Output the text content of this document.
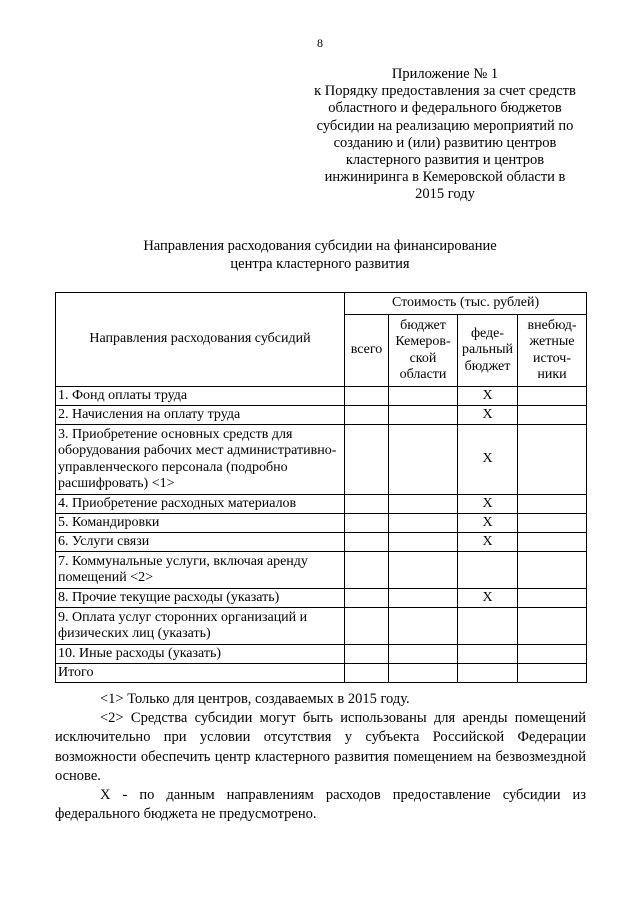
8
Приложение № 1
к Порядку предоставления за счет средств
областного и федерального бюджетов
субсидии на реализацию мероприятий по
созданию и (или) развитию центров
кластерного развития и центров
инжиниринга в Кемеровской области в
2015 году
Направления расходования субсидии на финансирование
центра кластерного развития
Направления расходования субсидий	Стоимость (тыс. рублей)			
	всего	бюджет Кемеров-ской области	феде-ральный бюджет	внебюд-жетные источ-ники
1. Фонд оплаты труда			X	
2. Начисления на оплату труда			X	
3. Приобретение основных средств для оборудования рабочих мест административно-управленческого персонала (подробно расшифровать) <1>			X	
4. Приобретение расходных материалов			X	
5. Командировки			X	
6. Услуги связи			X	
7. Коммунальные услуги, включая аренду помещений <2>				
8. Прочие текущие расходы (указать)			X	
9. Оплата услуг сторонних организаций и физических лиц (указать)				
10. Иные расходы (указать)				
Итого				

<1> Только для центров, создаваемых в 2015 году.

<2> Средства субсидии могут быть использованы для аренды помещений исключительно при условии отсутствия у субъекта Российской Федерации возможности обеспечить центр кластерного развития помещением на безвозмездной основе.

X - по данным направлениям расходов предоставление субсидии из федерального бюджета не предусмотрено.
